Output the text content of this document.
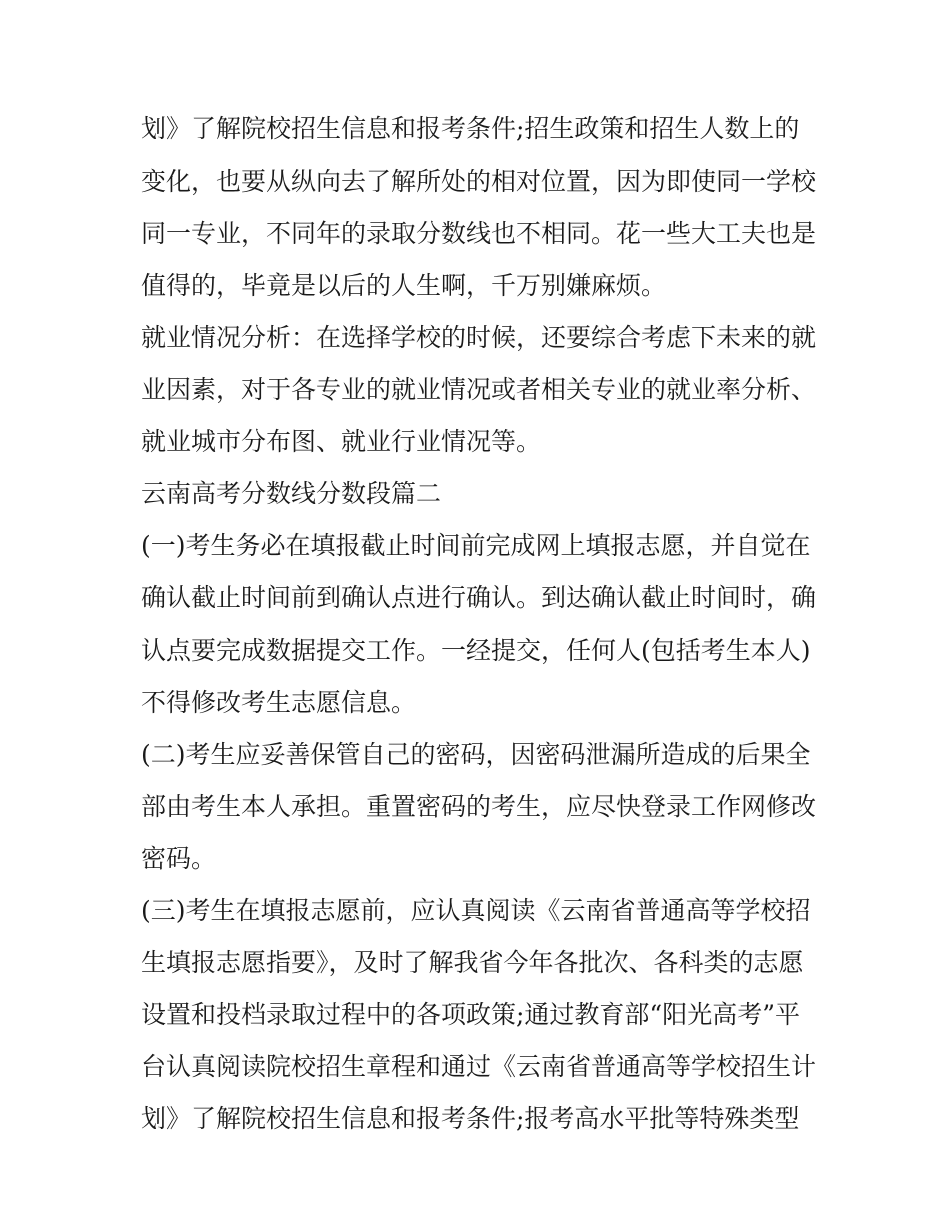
划》了解院校招生信息和报考条件;招生政策和招生人数上的

变化，也要从纵向去了解所处的相对位置，因为即使同一学校

同一专业，不同年的录取分数线也不相同。花一些大工夫也是

值得的，毕竟是以后的人生啊，千万别嫌麻烦。

就业情况分析：在选择学校的时候，还要综合考虑下未来的就

业因素，对于各专业的就业情况或者相关专业的就业率分析、

就业城市分布图、就业行业情况等。

云南高考分数线分数段篇二

(一)考生务必在填报截止时间前完成网上填报志愿，并自觉在

确认截止时间前到确认点进行确认。到达确认截止时间时，确

认点要完成数据提交工作。一经提交，任何人(包括考生本人)

不得修改考生志愿信息。

(二)考生应妥善保管自己的密码，因密码泄漏所造成的后果全

部由考生本人承担。重置密码的考生，应尽快登录工作网修改

密码。

(三)考生在填报志愿前，应认真阅读《云南省普通高等学校招

生填报志愿指要》，及时了解我省今年各批次、各科类的志愿

设置和投档录取过程中的各项政策;通过教育部“阳光高考”平

台认真阅读院校招生章程和通过《云南省普通高等学校招生计

划》了解院校招生信息和报考条件;报考高水平批等特殊类型
